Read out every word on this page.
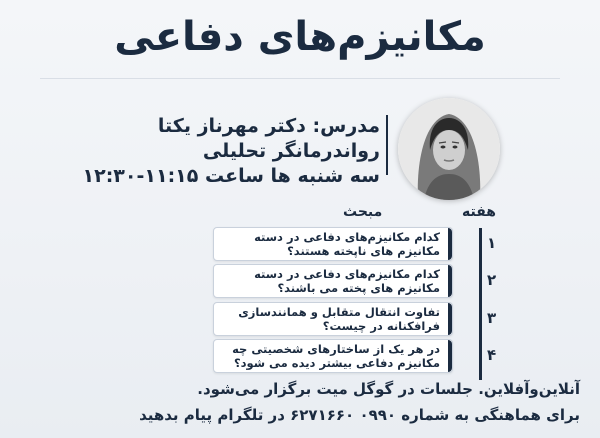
مکانیزم‌های دفاعی
مدرس: دکتر مهرناز یکتا
رواندرمانگر تحلیلی
سه شنبه ها ساعت ۱۱:۱۵-۱۲:۳۰
هفته
مبحث
۱
۲
۳
۴
کدام مکانیزم‌های دفاعی در دسته مکانیزم های ناپخته هستند؟
کدام مکانیزم‌های دفاعی در دسته مکانیزم های پخته می باشند؟
تفاوت انتقال متقابل و همانندسازی فرافکنانه در چیست؟
در هر یک از ساختارهای شخصیتی چه مکانیزم دفاعی بیشتر دیده می شود؟
آنلاین‌وآفلاین. جلسات در گوگل میت برگزار می‌شود.
برای هماهنگی به شماره ۰۹۹۰ ۶۲۷۱۶۶۰ در تلگرام پیام بدهید
